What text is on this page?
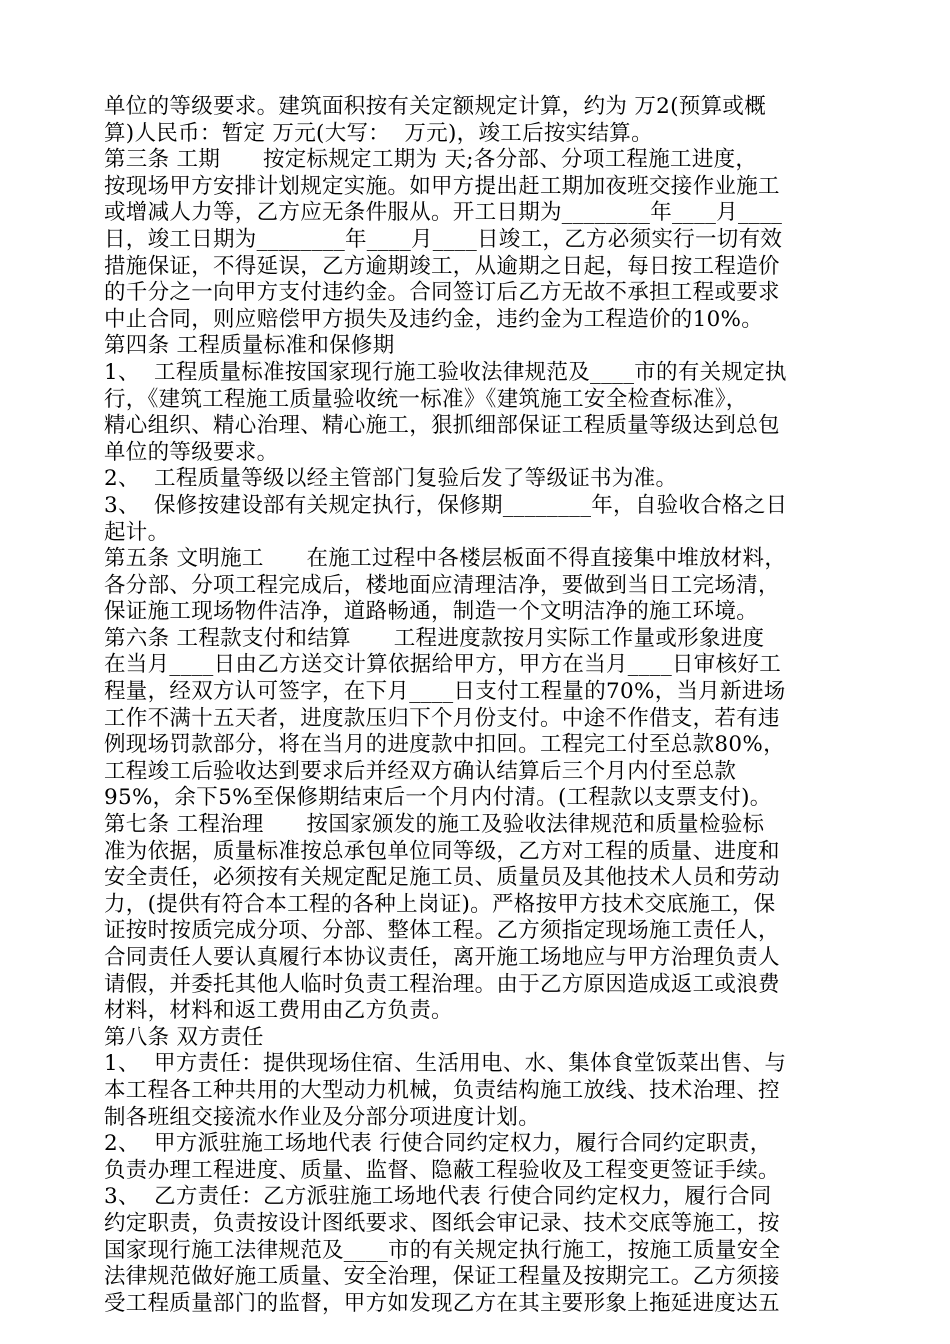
单位的等级要求。建筑面积按有关定额规定计算，约为 万2(预算或概
算)人民币：暂定 万元(大写：  万元)，竣工后按实结算。
第三条 工期      按定标规定工期为 天;各分部、分项工程施工进度，
按现场甲方安排计划规定实施。如甲方提出赶工期加夜班交接作业施工
或增减人力等，乙方应无条件服从。开工日期为________年____月____
日，竣工日期为________年____月____日竣工，乙方必须实行一切有效
措施保证，不得延误，乙方逾期竣工，从逾期之日起，每日按工程造价
的千分之一向甲方支付违约金。合同签订后乙方无故不承担工程或要求
中止合同，则应赔偿甲方损失及违约金，违约金为工程造价的10%。
第四条 工程质量标准和保修期
1、  工程质量标准按国家现行施工验收法律规范及____市的有关规定执
行，《建筑工程施工质量验收统一标准》《建筑施工安全检查标准》，
精心组织、精心治理、精心施工，狠抓细部保证工程质量等级达到总包
单位的等级要求。
2、  工程质量等级以经主管部门复验后发了等级证书为准。
3、  保修按建设部有关规定执行，保修期________年，自验收合格之日
起计。
第五条 文明施工      在施工过程中各楼层板面不得直接集中堆放材料，
各分部、分项工程完成后，楼地面应清理洁净，要做到当日工完场清，
保证施工现场物件洁净，道路畅通，制造一个文明洁净的施工环境。
第六条 工程款支付和结算      工程进度款按月实际工作量或形象进度
在当月____日由乙方送交计算依据给甲方，甲方在当月____日审核好工
程量，经双方认可签字，在下月____日支付工程量的70%，当月新进场
工作不满十五天者，进度款压归下个月份支付。中途不作借支，若有违
例现场罚款部分，将在当月的进度款中扣回。工程完工付至总款80%，
工程竣工后验收达到要求后并经双方确认结算后三个月内付至总款
95%，余下5%至保修期结束后一个月内付清。(工程款以支票支付)。
第七条 工程治理      按国家颁发的施工及验收法律规范和质量检验标
准为依据，质量标准按总承包单位同等级，乙方对工程的质量、进度和
安全责任，必须按有关规定配足施工员、质量员及其他技术人员和劳动
力，(提供有符合本工程的各种上岗证)。严格按甲方技术交底施工，保
证按时按质完成分项、分部、整体工程。乙方须指定现场施工责任人，
合同责任人要认真履行本协议责任，离开施工场地应与甲方治理负责人
请假，并委托其他人临时负责工程治理。由于乙方原因造成返工或浪费
材料，材料和返工费用由乙方负责。
第八条 双方责任
1、  甲方责任：提供现场住宿、生活用电、水、集体食堂饭菜出售、与
本工程各工种共用的大型动力机械，负责结构施工放线、技术治理、控
制各班组交接流水作业及分部分项进度计划。
2、  甲方派驻施工场地代表 行使合同约定权力，履行合同约定职责，
负责办理工程进度、质量、监督、隐蔽工程验收及工程变更签证手续。
3、  乙方责任：乙方派驻施工场地代表 行使合同约定权力，履行合同
约定职责，负责按设计图纸要求、图纸会审记录、技术交底等施工，按
国家现行施工法律规范及____市的有关规定执行施工，按施工质量安全
法律规范做好施工质量、安全治理，保证工程量及按期完工。乙方须接
受工程质量部门的监督，甲方如发现乙方在其主要形象上拖延进度达五
